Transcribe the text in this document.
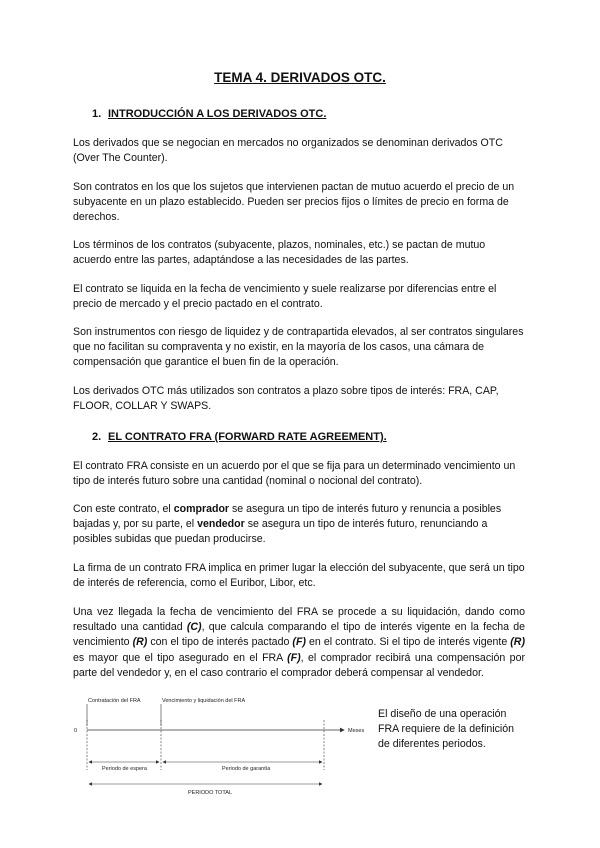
TEMA 4. DERIVADOS OTC.
1. INTRODUCCIÓN A LOS DERIVADOS OTC.

Los derivados que se negocian en mercados no organizados se denominan derivados OTC (Over The Counter).

Son contratos en los que los sujetos que intervienen pactan de mutuo acuerdo el precio de un subyacente en un plazo establecido. Pueden ser precios fijos o límites de precio en forma de derechos.

Los términos de los contratos (subyacente, plazos, nominales, etc.) se pactan de mutuo acuerdo entre las partes, adaptándose a las necesidades de las partes.

El contrato se liquida en la fecha de vencimiento y suele realizarse por diferencias entre el precio de mercado y el precio pactado en el contrato.

Son instrumentos con riesgo de liquidez y de contrapartida elevados, al ser contratos singulares que no facilitan su compraventa y no existir, en la mayoría de los casos, una cámara de compensación que garantice el buen fin de la operación.

Los derivados OTC más utilizados son contratos a plazo sobre tipos de interés: FRA, CAP, FLOOR, COLLAR Y SWAPS.

2. EL CONTRATO FRA (FORWARD RATE AGREEMENT).

El contrato FRA consiste en un acuerdo por el que se fija para un determinado vencimiento un tipo de interés futuro sobre una cantidad (nominal o nocional del contrato).

Con este contrato, el comprador se asegura un tipo de interés futuro y renuncia a posibles bajadas y, por su parte, el vendedor se asegura un tipo de interés futuro, renunciando a posibles subidas que puedan producirse.

La firma de un contrato FRA implica en primer lugar la elección del subyacente, que será un tipo de interés de referencia, como el Euribor, Libor, etc.

Una vez llegada la fecha de vencimiento del FRA se procede a su liquidación, dando como resultado una cantidad (C), que calcula comparando el tipo de interés vigente en la fecha de vencimiento (R) con el tipo de interés pactado (F) en el contrato. Si el tipo de interés vigente (R) es mayor que el tipo asegurado en el FRA (F), el comprador recibirá una compensación por parte del vendedor y, en el caso contrario el comprador deberá compensar al vendedor.

0	Meses
Contratación del FRA	Vencimiento y liquidación del FRA
Periodo de espera	Periodo de garantía
PERIODO TOTAL

El diseño de una operación FRA requiere de la definición de diferentes periodos.
